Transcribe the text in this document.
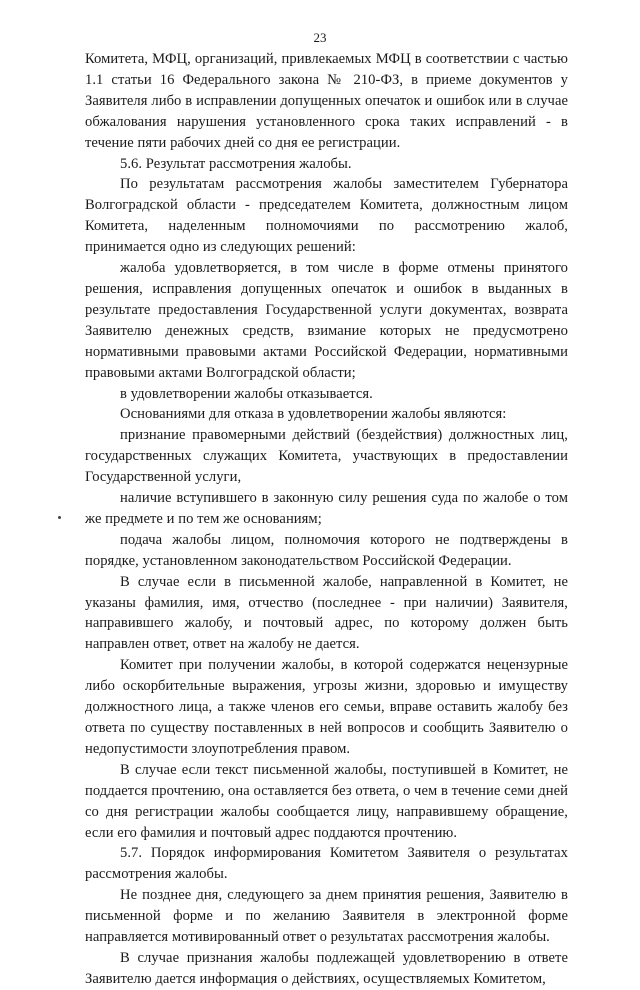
23

Комитета, МФЦ, организаций, привлекаемых МФЦ в соответствии с частью 1.1 статьи 16 Федерального закона № 210-ФЗ, в приеме документов у Заявителя либо в исправлении допущенных опечаток и ошибок или в случае обжалования нарушения установленного срока таких исправлений - в течение пяти рабочих дней со дня ее регистрации.

5.6. Результат рассмотрения жалобы.

По результатам рассмотрения жалобы заместителем Губернатора Волгоградской области - председателем Комитета, должностным лицом Комитета, наделенным полномочиями по рассмотрению жалоб, принимается одно из следующих решений:

жалоба удовлетворяется, в том числе в форме отмены принятого решения, исправления допущенных опечаток и ошибок в выданных в результате предоставления Государственной услуги документах, возврата Заявителю денежных средств, взимание которых не предусмотрено нормативными правовыми актами Российской Федерации, нормативными правовыми актами Волгоградской области;

в удовлетворении жалобы отказывается.

Основаниями для отказа в удовлетворении жалобы являются:

признание правомерными действий (бездействия) должностных лиц, государственных служащих Комитета, участвующих в предоставлении Государственной услуги,

наличие вступившего в законную силу решения суда по жалобе о том же предмете и по тем же основаниям;

подача жалобы лицом, полномочия которого не подтверждены в порядке, установленном законодательством Российской Федерации.

В случае если в письменной жалобе, направленной в Комитет, не указаны фамилия, имя, отчество (последнее - при наличии) Заявителя, направившего жалобу, и почтовый адрес, по которому должен быть направлен ответ, ответ на жалобу не дается.

Комитет при получении жалобы, в которой содержатся нецензурные либо оскорбительные выражения, угрозы жизни, здоровью и имуществу должностного лица, а также членов его семьи, вправе оставить жалобу без ответа по существу поставленных в ней вопросов и сообщить Заявителю о недопустимости злоупотребления правом.

В случае если текст письменной жалобы, поступившей в Комитет, не поддается прочтению, она оставляется без ответа, о чем в течение семи дней со дня регистрации жалобы сообщается лицу, направившему обращение, если его фамилия и почтовый адрес поддаются прочтению.

5.7. Порядок информирования Комитетом Заявителя о результатах рассмотрения жалобы.

Не позднее дня, следующего за днем принятия решения, Заявителю в письменной форме и по желанию Заявителя в электронной форме направляется мотивированный ответ о результатах рассмотрения жалобы.

В случае признания жалобы подлежащей удовлетворению в ответе Заявителю дается информация о действиях, осуществляемых Комитетом,
